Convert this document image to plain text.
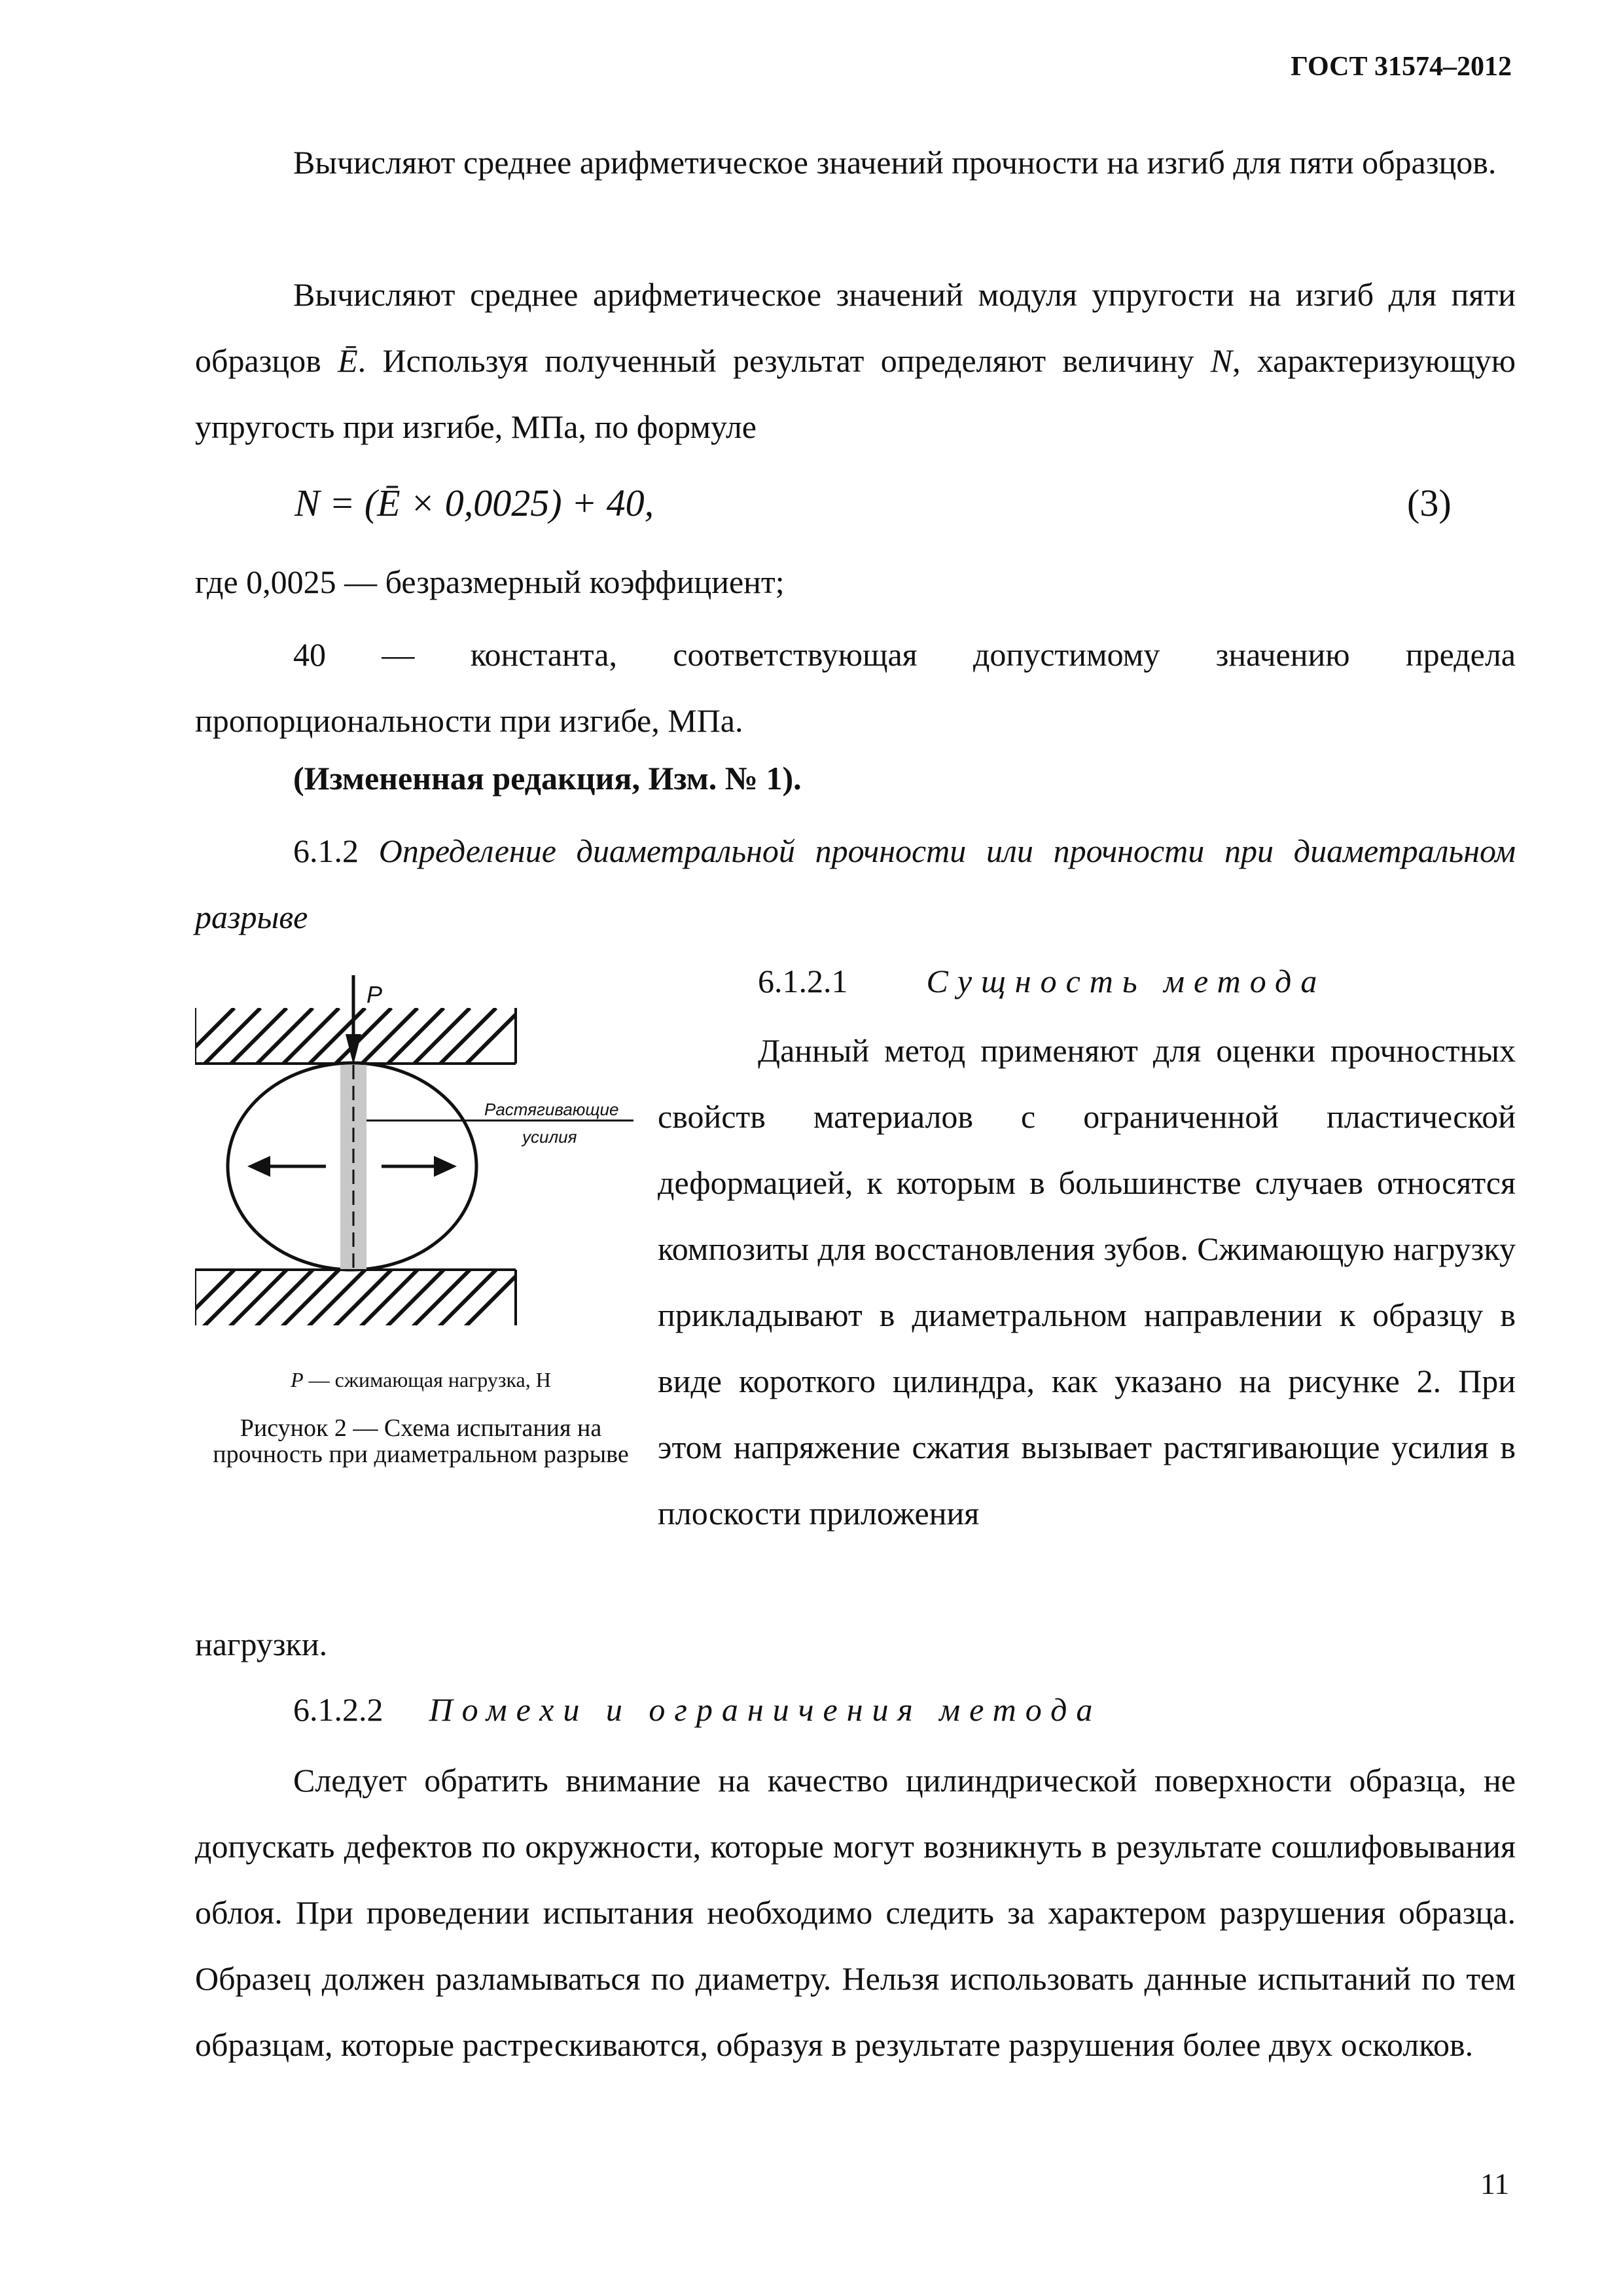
ГОСТ 31574–2012
Вычисляют среднее арифметическое значений прочности на изгиб для пяти образцов.
Вычисляют среднее арифметическое значений модуля упругости на изгиб для пяти образцов Ē. Используя полученный результат определяют величину N, характеризующую упругость при изгибе, МПа, по формуле
N = (Ē × 0,0025) + 40,	(3)
где 0,0025 — безразмерный коэффициент;
40 — константа, соответствующая допустимому значению предела пропорциональности при изгибе, МПа.
(Измененная редакция, Изм. № 1).
6.1.2 Определение диаметральной прочности или прочности при диаметральном разрыве
P
Растягивающие
усилия
P — сжимающая нагрузка, Н
Рисунок 2 — Схема испытания на прочность при диаметральном разрыве
6.1.2.1 Сущность метода
Данный метод применяют для оценки прочностных свойств материалов с ограниченной пластической деформацией, к которым в большинстве случаев относятся композиты для восстановления зубов. Сжимающую нагрузку прикладывают в диаметральном направлении к образцу в виде короткого цилиндра, как указано на рисунке 2. При этом напряжение сжатия вызывает растягивающие усилия в плоскости приложения
нагрузки.
6.1.2.2 Помехи и ограничения метода
Следует обратить внимание на качество цилиндрической поверхности образца, не допускать дефектов по окружности, которые могут возникнуть в результате сошлифовывания облоя. При проведении испытания необходимо следить за характером разрушения образца. Образец должен разламываться по диаметру. Нельзя использовать данные испытаний по тем образцам, которые растрескиваются, образуя в результате разрушения более двух осколков.
11
